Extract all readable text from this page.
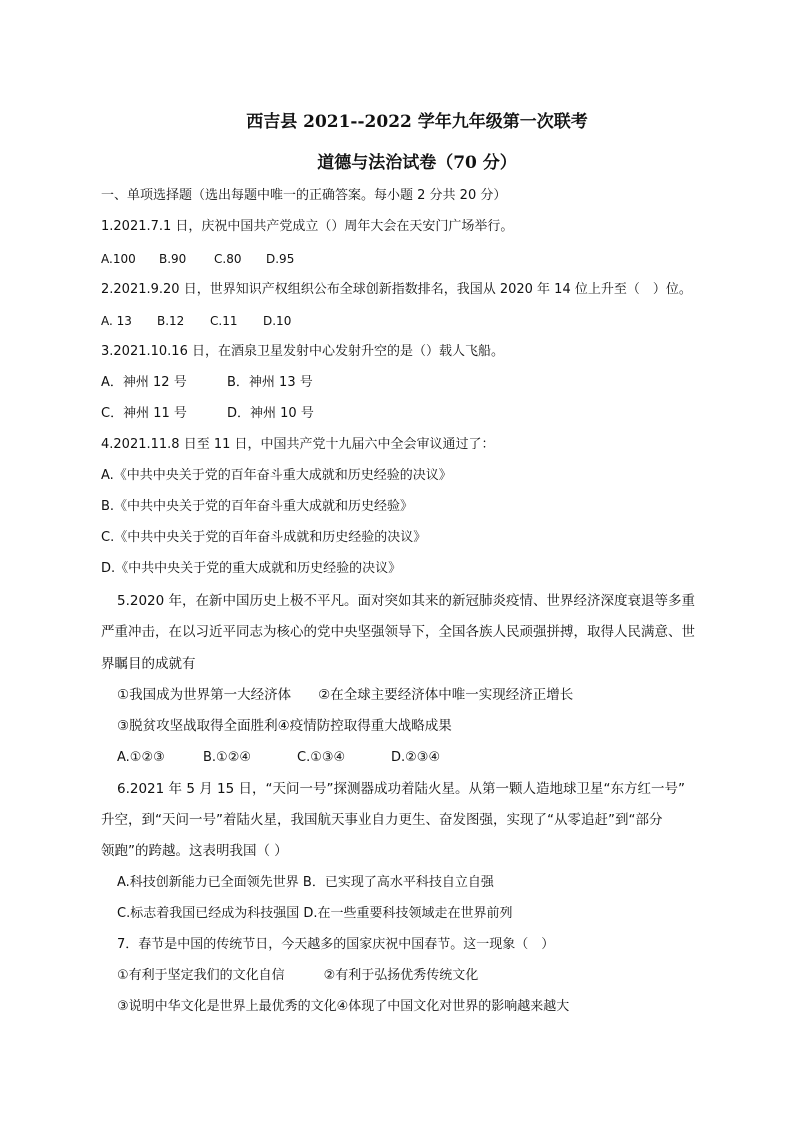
西吉县 2021--2022 学年九年级第一次联考
道德与法治试卷（70 分）
一、单项选择题（选出每题中唯一的正确答案。每小题 2 分共 20 分）
1.2021.7.1 日，庆祝中国共产党成立（）周年大会在天安门广场举行。
A.100 B.90 C.80 D.95
2.2021.9.20 日，世界知识产权组织公布全球创新指数排名，我国从 2020 年 14 位上升至（　）位。
A. 13 B.12 C.11 D.10
3.2021.10.16 日，在酒泉卫星发射中心发射升空的是（）载人飞船。
A．神州 12 号	B．神州 13 号
C．神州 11 号	D．神州 10 号
4.2021.11.8 日至 11 日，中国共产党十九届六中全会审议通过了：
A.《中共中央关于党的百年奋斗重大成就和历史经验的决议》
B.《中共中央关于党的百年奋斗重大成就和历史经验》
C.《中共中央关于党的百年奋斗成就和历史经验的决议》
D.《中共中央关于党的重大成就和历史经验的决议》
5.2020 年，在新中国历史上极不平凡。面对突如其来的新冠肺炎疫情、世界经济深度衰退等多重
严重冲击，在以习近平同志为核心的党中央坚强领导下，全国各族人民顽强拼搏，取得人民满意、世
界瞩目的成就有
①我国成为世界第一大经济体　　②在全球主要经济体中唯一实现经济正增长
③脱贫攻坚战取得全面胜利④疫情防控取得重大战略成果
A.①②③	B.①②④	C.①③④	D.②③④
6.2021 年 5 月 15 日，“天问一号”探测器成功着陆火星。从第一颗人造地球卫星“东方红一号”
升空，到“天问一号”着陆火星，我国航天事业自力更生、奋发图强，实现了“从零追赶”到“部分
领跑”的跨越。这表明我国（ ）
A.科技创新能力已全面领先世界 B．已实现了高水平科技自立自强
C.标志着我国已经成为科技强国 D.在一些重要科技领域走在世界前列
7．春节是中国的传统节日，今天越多的国家庆祝中国春节。这一现象（　）
①有利于坚定我们的文化自信　　　②有利于弘扬优秀传统文化
③说明中华文化是世界上最优秀的文化④体现了中国文化对世界的影响越来越大
